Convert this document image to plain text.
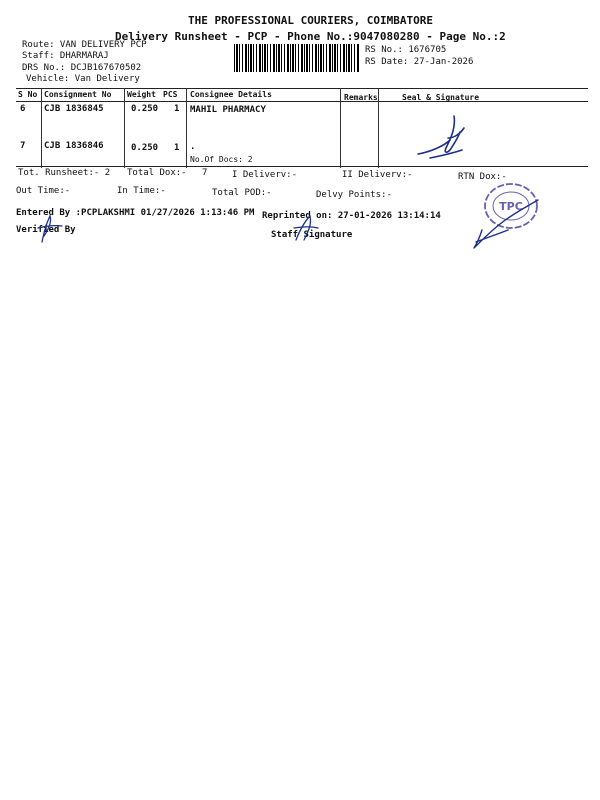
THE PROFESSIONAL COURIERS, COIMBATORE
Delivery Runsheet - PCP - Phone No.:9047080280 - Page No.:2
Route: VAN DELIVERY PCP
Staff: DHARMARAJ
DRS No.: DCJB167670502
Vehicle: Van Delivery
RS No.: 1676705
RS Date: 27-Jan-2026
S No Consignment No Weight PCS Consignee Details	Remarks	Seal & Signature
6 CJB 1836845	0.250 1 MAHIL PHARMACY
7 CJB 1836846	0.250 1 .
No.Of Docs: 2
Tot. Runsheet:- 2 Total Dox:- 7	I Deliverv:-	II Deliverv:-	RTN Dox:-
Out Time:-	In Time:-	Total POD:-	Delvy Points:-
Entered By :PCPLAKSHMI 01/27/2026 1:13:46 PM Reprinted on: 27-01-2026 13:14:14
Verified By	Staff Signature
TPC
